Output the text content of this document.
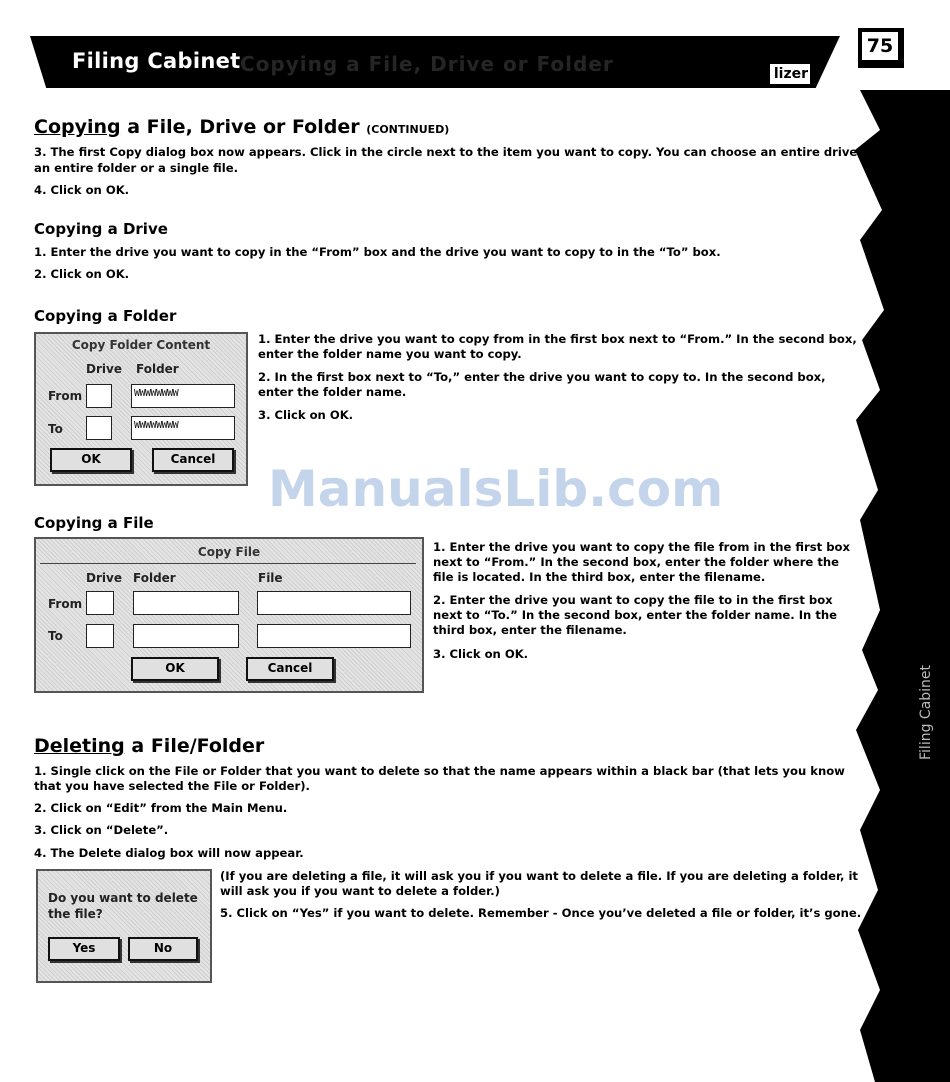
Copying a File, Drive or Folder
Filing Cabinet
lizer
75
Filing Cabinet
ManualsLib.com
Copying a File, Drive or Folder (CONTINUED)
3. The first Copy dialog box now appears. Click in the circle next to the item you want to copy. You can choose an entire drive,
an entire folder or a single file.
4. Click on OK.
Copying a Drive
1. Enter the drive you want to copy in the “From” box and the drive you want to copy to in the “To” box.
2. Click on OK.
Copying a Folder
Copy Folder Content
Drive Folder
From	WWWWWWWW
To	WWWWWWWW
OK	Cancel
1. Enter the drive you want to copy from in the first box next to “From.” In the second box,
enter the folder name you want to copy.
2. In the first box next to “To,” enter the drive you want to copy to. In the second box,
enter the folder name.
3. Click on OK.
Copying a File
Copy File
Drive Folder	File
From
To
OK	Cancel
1. Enter the drive you want to copy the file from in the first box
next to “From.” In the second box, enter the folder where the
file is located. In the third box, enter the filename.
2. Enter the drive you want to copy the file to in the first box
next to “To.” In the second box, enter the folder name. In the
third box, enter the filename.
3. Click on OK.
Deleting a File/Folder
1. Single click on the File or Folder that you want to delete so that the name appears within a black bar (that lets you know
that you have selected the File or Folder).
2. Click on “Edit” from the Main Menu.
3. Click on “Delete”.
4. The Delete dialog box will now appear.
Do you want to delete
the file?
Yes	No
(If you are deleting a file, it will ask you if you want to delete a file. If you are deleting a folder, it
will ask you if you want to delete a folder.)
5. Click on “Yes” if you want to delete. Remember - Once you’ve deleted a file or folder, it’s gone.
